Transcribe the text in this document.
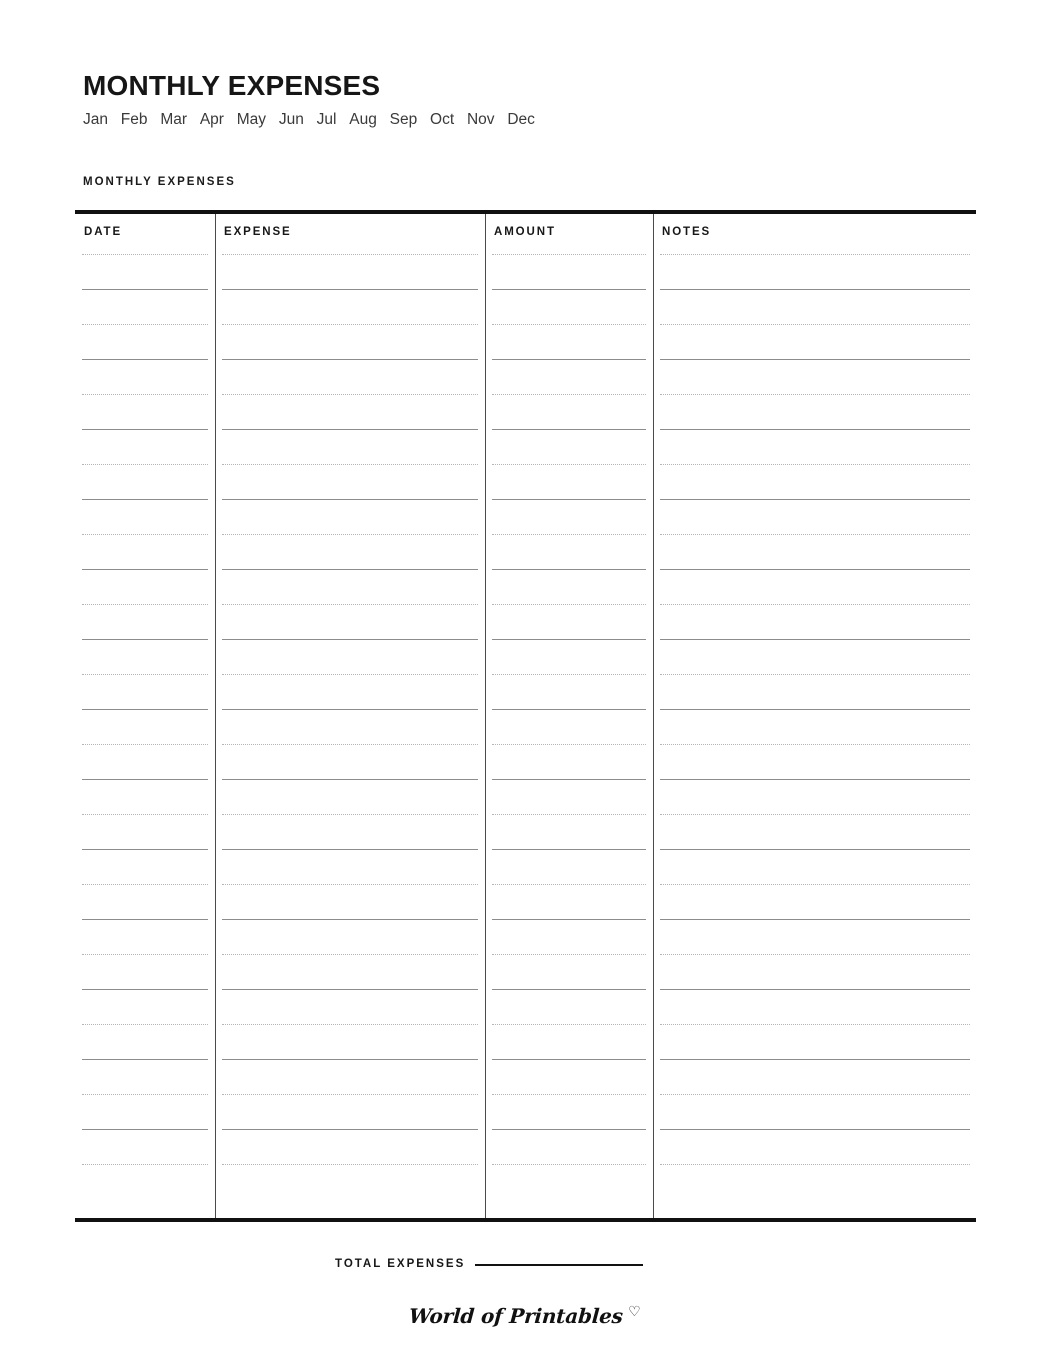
MONTHLY EXPENSES
Jan Feb Mar Apr May Jun Jul Aug Sep Oct Nov Dec
MONTHLY EXPENSES
DATE	EXPENSE	AMOUNT	NOTES
TOTAL EXPENSES
World of Printables ♡
